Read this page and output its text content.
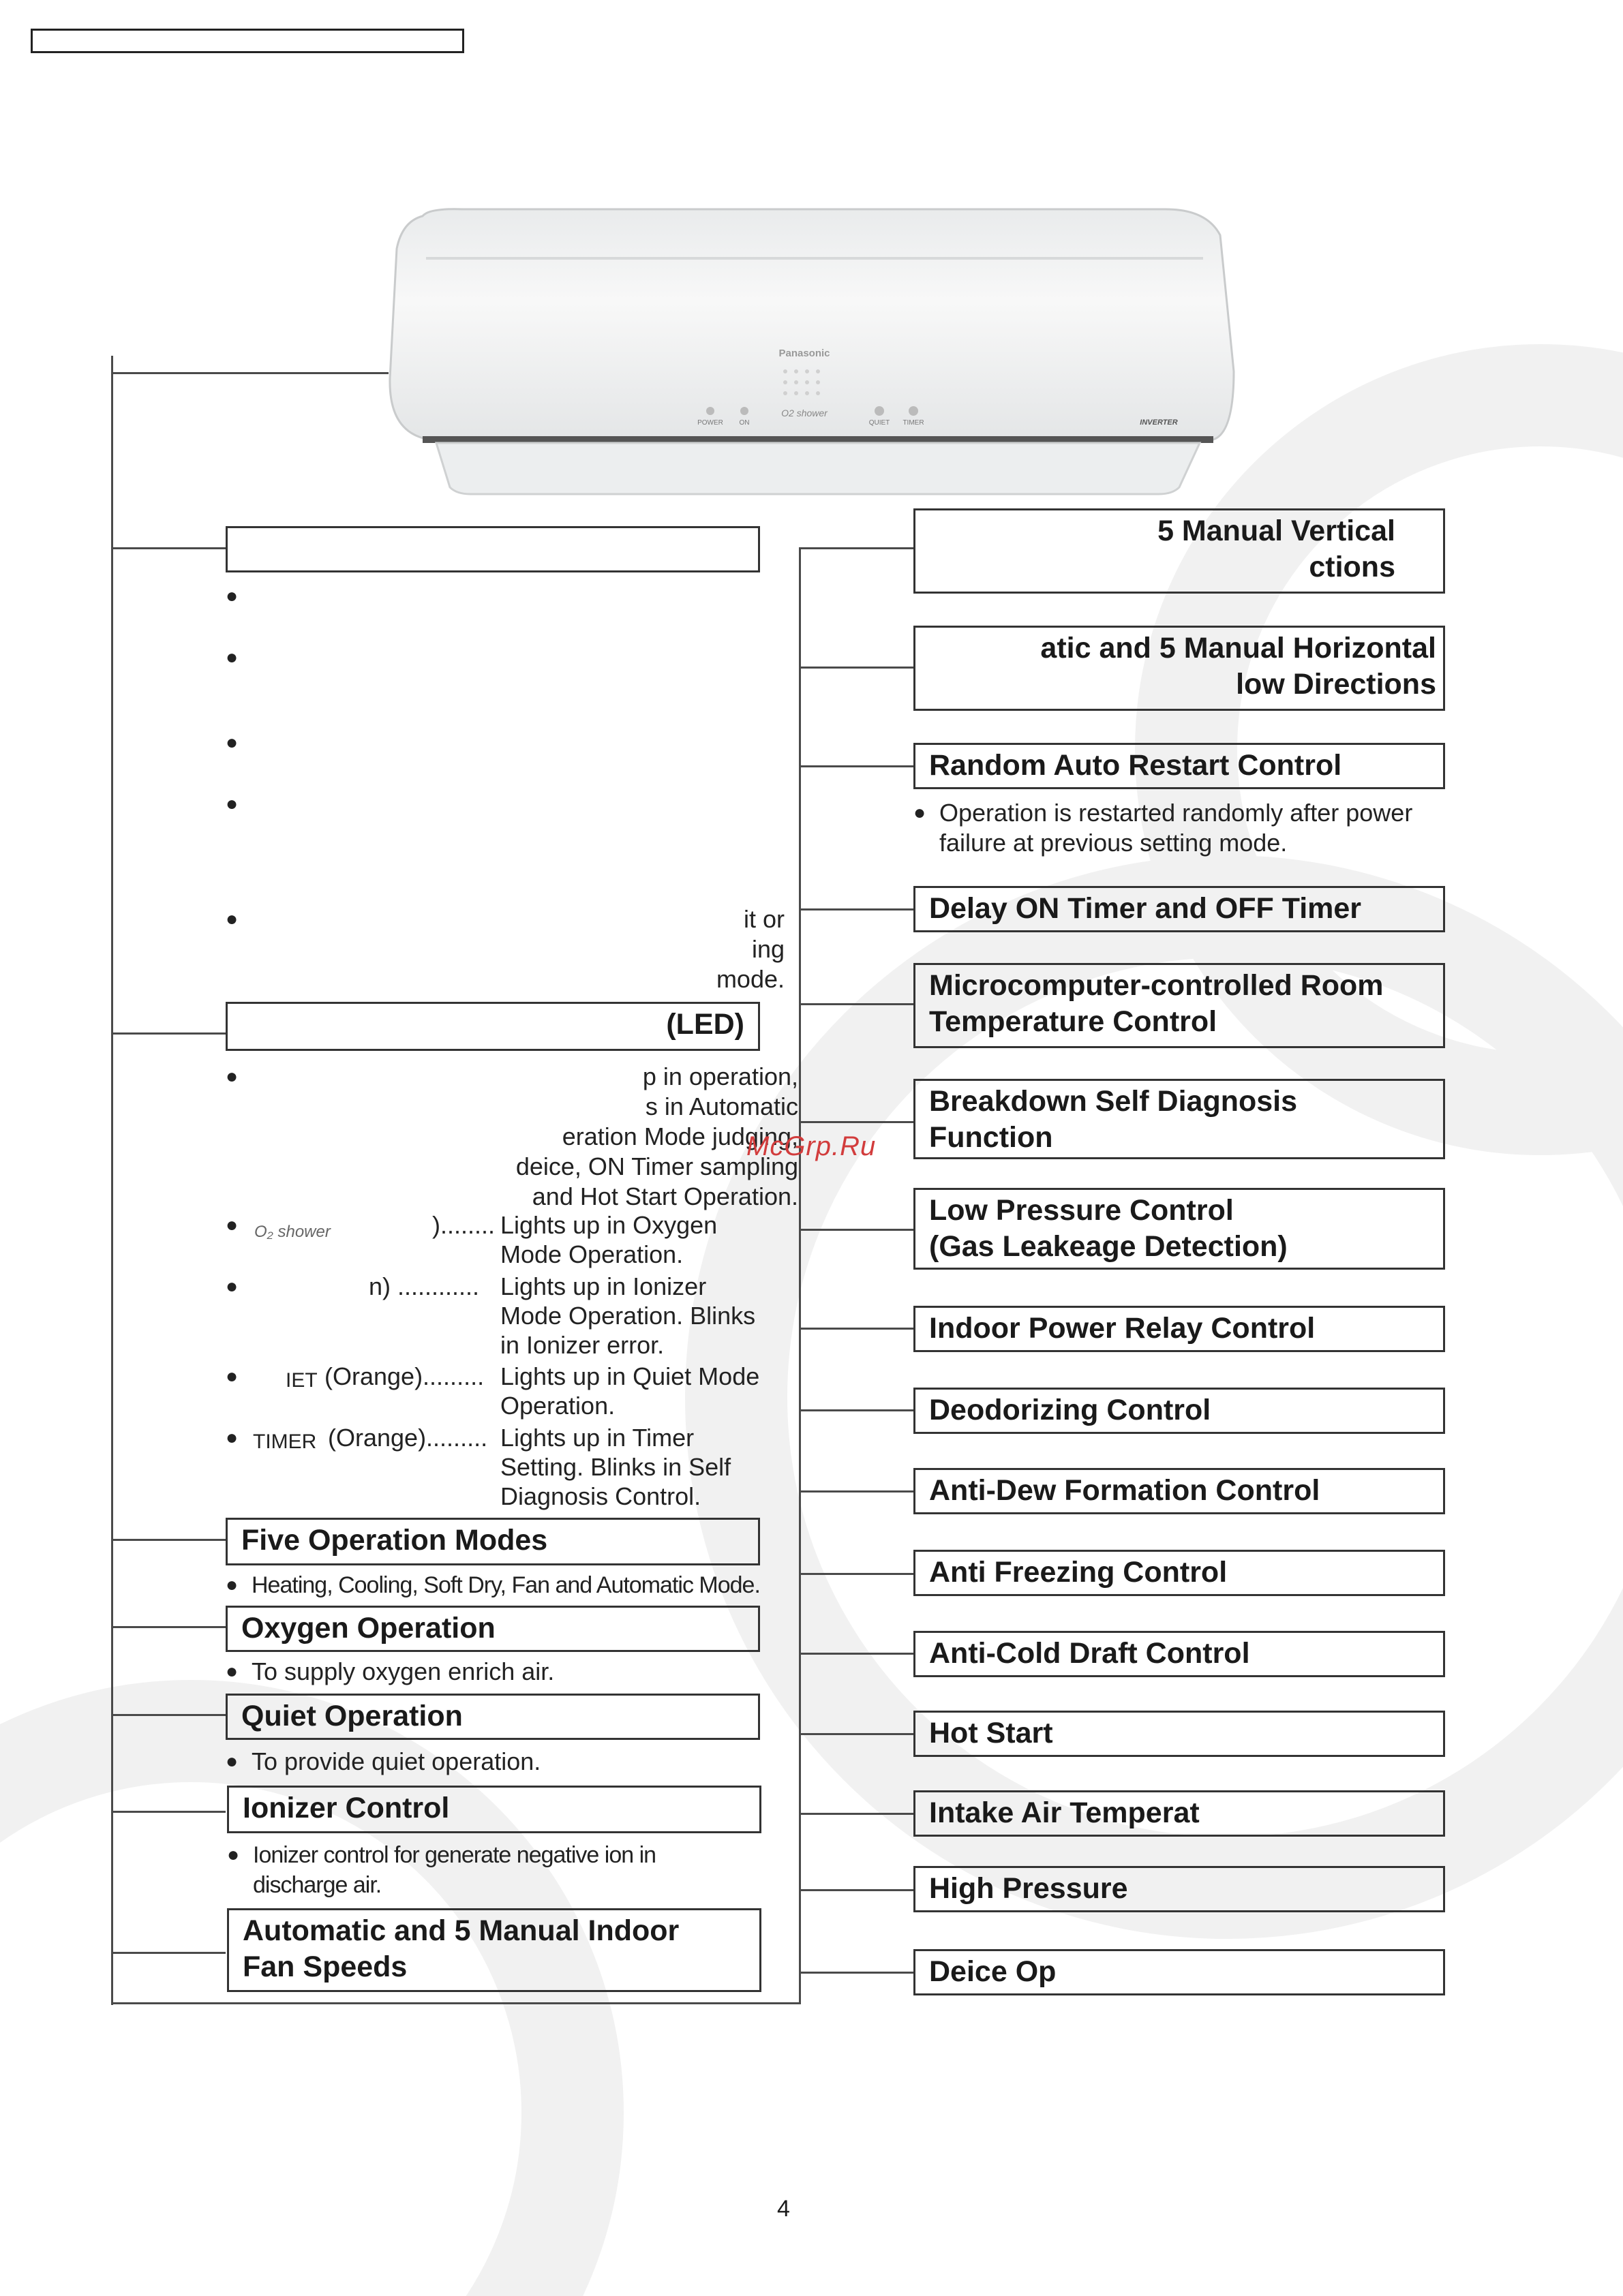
Panasonic
O2 shower
POWER ON	QUIET TIMER	INVERTER
●
●
●
●
●	it or
ing
mode.
(LED)
●	p in operation,
s in Automatic
eration Mode judging,
deice, ON Timer sampling
and Hot Start Operation.
● O₂ shower	)........ Lights up in Oxygen
Mode Operation.
●	n) ............ Lights up in Ionizer
Mode Operation. Blinks
in Ionizer error.
● IET (Orange)......... Lights up in Quiet Mode
Operation.
● TIMER (Orange)......... Lights up in Timer
Setting. Blinks in Self
Diagnosis Control.
Five Operation Modes
● Heating, Cooling, Soft Dry, Fan and Automatic Mode.
Oxygen Operation
● To supply oxygen enrich air.
Quiet Operation
● To provide quiet operation.
Ionizer Control
● Ionizer control for generate negative ion in
discharge air.
Automatic and 5 Manual Indoor
Fan Speeds
5 Manual Vertical
ctions
atic and 5 Manual Horizontal
low Directions
Random Auto Restart Control
● Operation is restarted randomly after power
failure at previous setting mode.
Delay ON Timer and OFF Timer
Microcomputer-controlled Room
Temperature Control
Breakdown Self Diagnosis
Function
Low Pressure Control
(Gas Leakeage Detection)
Indoor Power Relay Control
Deodorizing Control
Anti-Dew Formation Control
Anti Freezing Control
Anti-Cold Draft Control
Hot Start
Intake Air Temperat
High Pressure
Deice Op
McGrp.Ru
4
